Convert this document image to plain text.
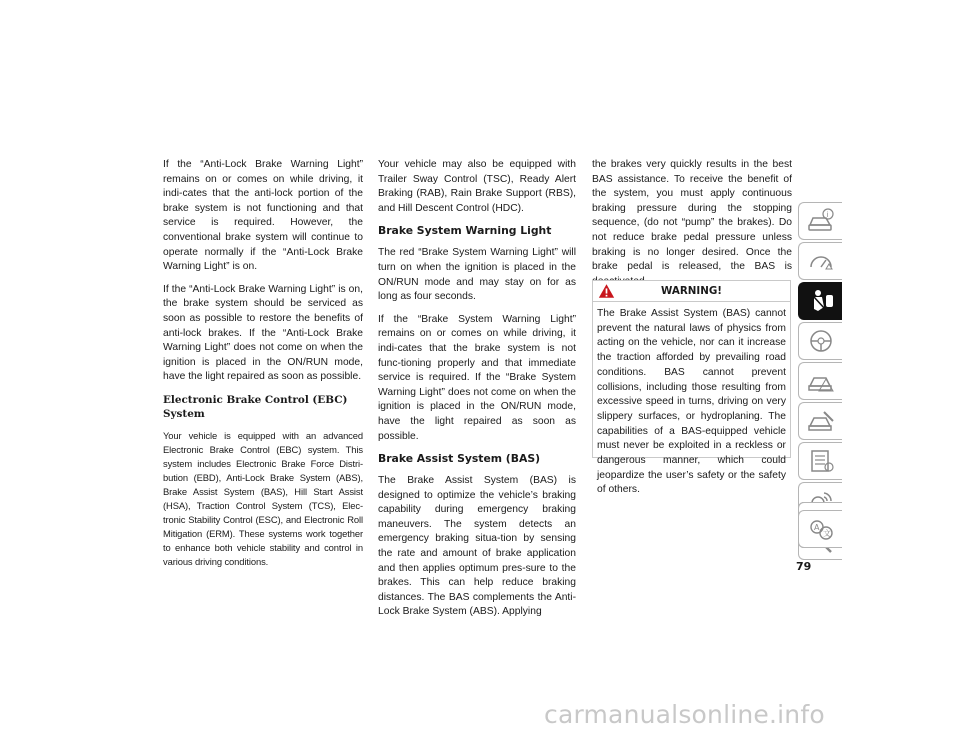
If the “Anti-Lock Brake Warning Light” remains on or comes on while driving, it indi-cates that the anti-lock portion of the brake system is not functioning and that service is required. However, the conventional brake system will continue to operate normally if the “Anti-Lock Brake Warning Light” is on.

If the “Anti-Lock Brake Warning Light” is on, the brake system should be serviced as soon as possible to restore the benefits of anti-lock brakes. If the “Anti-Lock Brake Warning Light” does not come on when the ignition is placed in the ON/RUN mode, have the light repaired as soon as possible.

Electronic Brake Control (EBC) System

Your vehicle is equipped with an advanced Electronic Brake Control (EBC) system. This system includes Electronic Brake Force Distri-bution (EBD), Anti-Lock Brake System (ABS), Brake Assist System (BAS), Hill Start Assist (HSA), Traction Control System (TCS), Elec-tronic Stability Control (ESC), and Electronic Roll Mitigation (ERM). These systems work together to enhance both vehicle stability and control in various driving conditions.

Your vehicle may also be equipped with Trailer Sway Control (TSC), Ready Alert Braking (RAB), Rain Brake Support (RBS), and Hill Descent Control (HDC).

Brake System Warning Light

The red “Brake System Warning Light” will turn on when the ignition is placed in the ON/RUN mode and may stay on for as long as four seconds.

If the “Brake System Warning Light” remains on or comes on while driving, it indi-cates that the brake system is not func-tioning properly and that immediate service is required. If the “Brake System Warning Light” does not come on when the ignition is placed in the ON/RUN mode, have the light repaired as soon as possible.

Brake Assist System (BAS)

The Brake Assist System (BAS) is designed to optimize the vehicle’s braking capability during emergency braking maneuvers. The system detects an emergency braking situa-tion by sensing the rate and amount of brake application and then applies optimum pres-sure to the brakes. This can help reduce braking distances. The BAS complements the Anti-Lock Brake System (ABS). Applying

the brakes very quickly results in the best BAS assistance. To receive the benefit of the system, you must apply continuous braking pressure during the stopping sequence, (do not “pump” the brakes). Do not reduce brake pedal pressure unless braking is no longer desired. Once the brake pedal is released, the BAS is

WARNING!
The Brake Assist System (BAS) cannot prevent the natural laws of physics from acting on the vehicle, nor can it increase the traction afforded by prevailing road conditions. BAS cannot prevent collisions, including those resulting from excessive speed in turns, driving on very slippery surfaces, or hydroplaning. The capabilities of a BAS-equipped vehicle must never be exploited in a reckless or dangerous manner, which could jeopardize the user’s safety or the safety of others.
i
A
文
79
carmanualsonline.info
